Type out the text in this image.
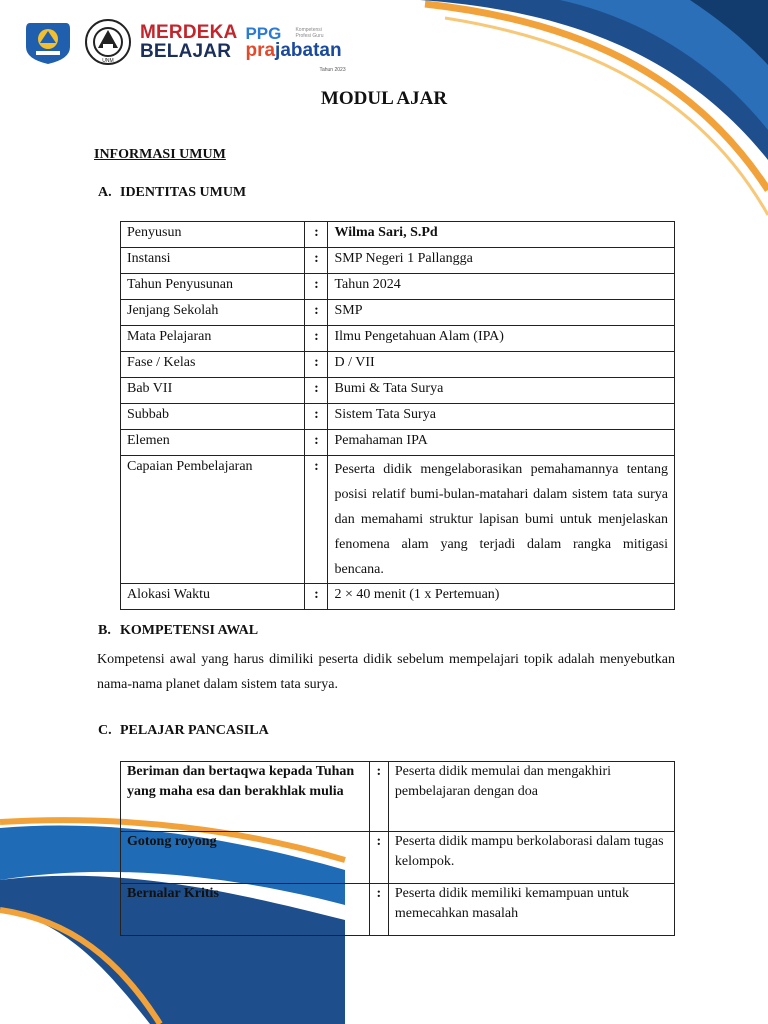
UNM
MERDEKA
BELAJAR
PPG
prajabatan
Kompetensi Profesi Guru
Tahun 2023
MODUL AJAR
INFORMASI UMUM
A. IDENTITAS UMUM
Penyusun	:	Wilma Sari, S.Pd
Instansi	:	SMP Negeri 1 Pallangga
Tahun Penyusunan	:	Tahun 2024
Jenjang Sekolah	:	SMP
Mata Pelajaran	:	Ilmu Pengetahuan Alam (IPA)
Fase / Kelas	:	D / VII
Bab VII	:	Bumi & Tata Surya
Subbab	:	Sistem Tata Surya
Elemen	:	Pemahaman IPA
Capaian Pembelajaran	:	Peserta didik mengelaborasikan pemahamannya tentang posisi relatif bumi-bulan-matahari dalam sistem tata surya dan memahami struktur lapisan bumi untuk menjelaskan fenomena alam yang terjadi dalam rangka mitigasi bencana.
Alokasi Waktu	:	2 × 40 menit (1 x Pertemuan)
B. KOMPETENSI AWAL
Kompetensi awal yang harus dimiliki peserta didik sebelum mempelajari topik adalah menyebutkan nama-nama planet dalam sistem tata surya.
C. PELAJAR PANCASILA
Beriman dan bertaqwa kepada Tuhan yang maha esa dan berakhlak mulia	:	Peserta didik memulai dan mengakhiri pembelajaran dengan doa
Gotong royong	:	Peserta didik mampu berkolaborasi dalam tugas kelompok.
Bernalar Kritis	:	Peserta didik memiliki kemampuan untuk memecahkan masalah
